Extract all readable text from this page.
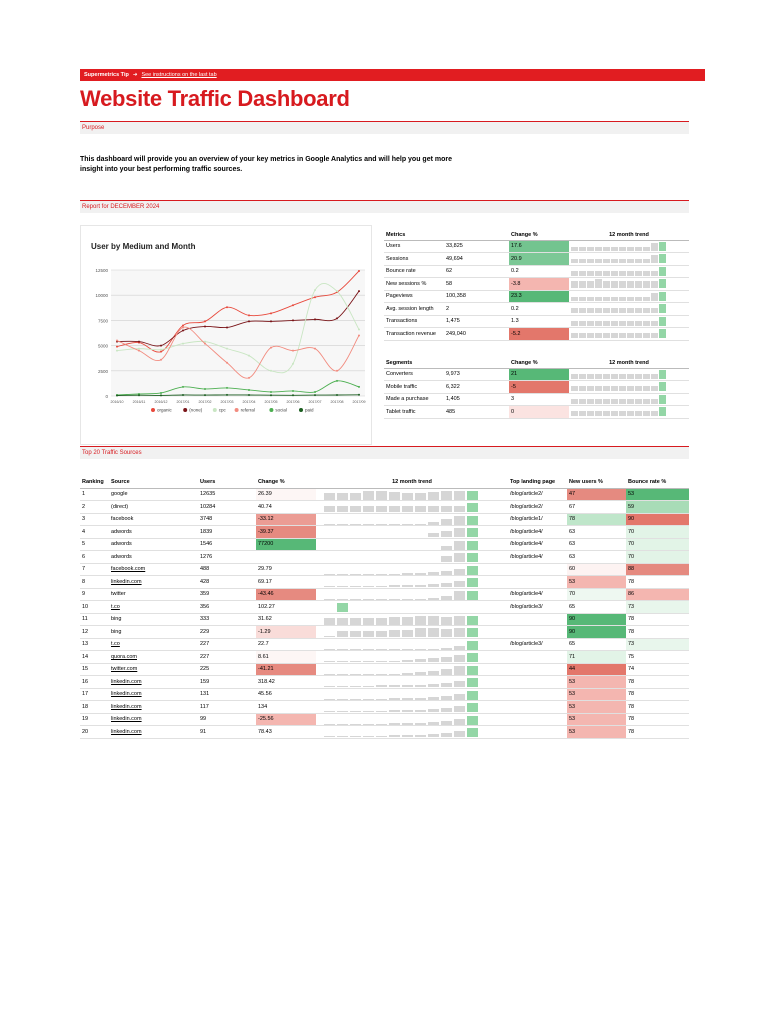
Supermetrics Tip ➜ See instructions on the last tab
Website Traffic Dashboard
Purpose
This dashboard will provide you an overview of your key metrics in Google Analytics and will help you get more insight into your best performing traffic sources.
Report for DECEMBER 2024
User by Medium and Month
0
2500
5000
7500
10000
12500
2016/10	2016/11	2016/12	2017/01	2017/02	2017/03	2017/04	2017/05	2017/06	2017/07	2017/08	2017/09
organic	(none)	cpc	referral	social	paid
Metrics		Change %	12 month trend
Users	33,825	17.6	

Sessions	49,694	20.9	

Bounce rate	62	0.2	

New sessions %	58	-3.8	

Pageviews	100,358	23.3	

Avg. session length	2	0.2	

Transactions	1,475	1.3	

Transaction revenue	249,040	-5.2	
Segments		Change %	12 month trend
Converters	9,973	21	

Mobile traffic	6,322	-5	

Made a purchase	1,405	3	

Tablet traffic	485	0	
Top 20 Traffic Sources
Ranking	Source	Users	Change %	12 month trend	Top landing page	New users %	Bounce rate %
1	google	12635	26.39		/blog/article2/	47	53
2	(direct)	10284	40.74		/blog/article2/	67	59
3	facebook	3748	-33.12		/blog/article1/	78	90
4	adwords	1839	-39.37		/blog/article4/	63	70
5	adwords	1546	77200		/blog/article4/	63	70
6	adwords	1276			/blog/article4/	63	70
7	facebook.com	488	29.79			60	88
8	linkedin.com	428	69.17			53	78
9	twitter	359	-43.46		/blog/article4/	70	86
10	t.co	356	102.27		/blog/article3/	65	73
11	bing	333	31.62			90	78
12	bing	229	-1.29			90	78
13	t.co	227	22.7		/blog/article3/	65	73
14	quora.com	227	8.61			71	75
15	twitter.com	225	-41.21			44	74
16	linkedin.com	159	318.42			53	78
17	linkedin.com	131	45.56			53	78
18	linkedin.com	117	134			53	78
19	linkedin.com	99	-25.56			53	78
20	linkedin.com	91	78.43			53	78
